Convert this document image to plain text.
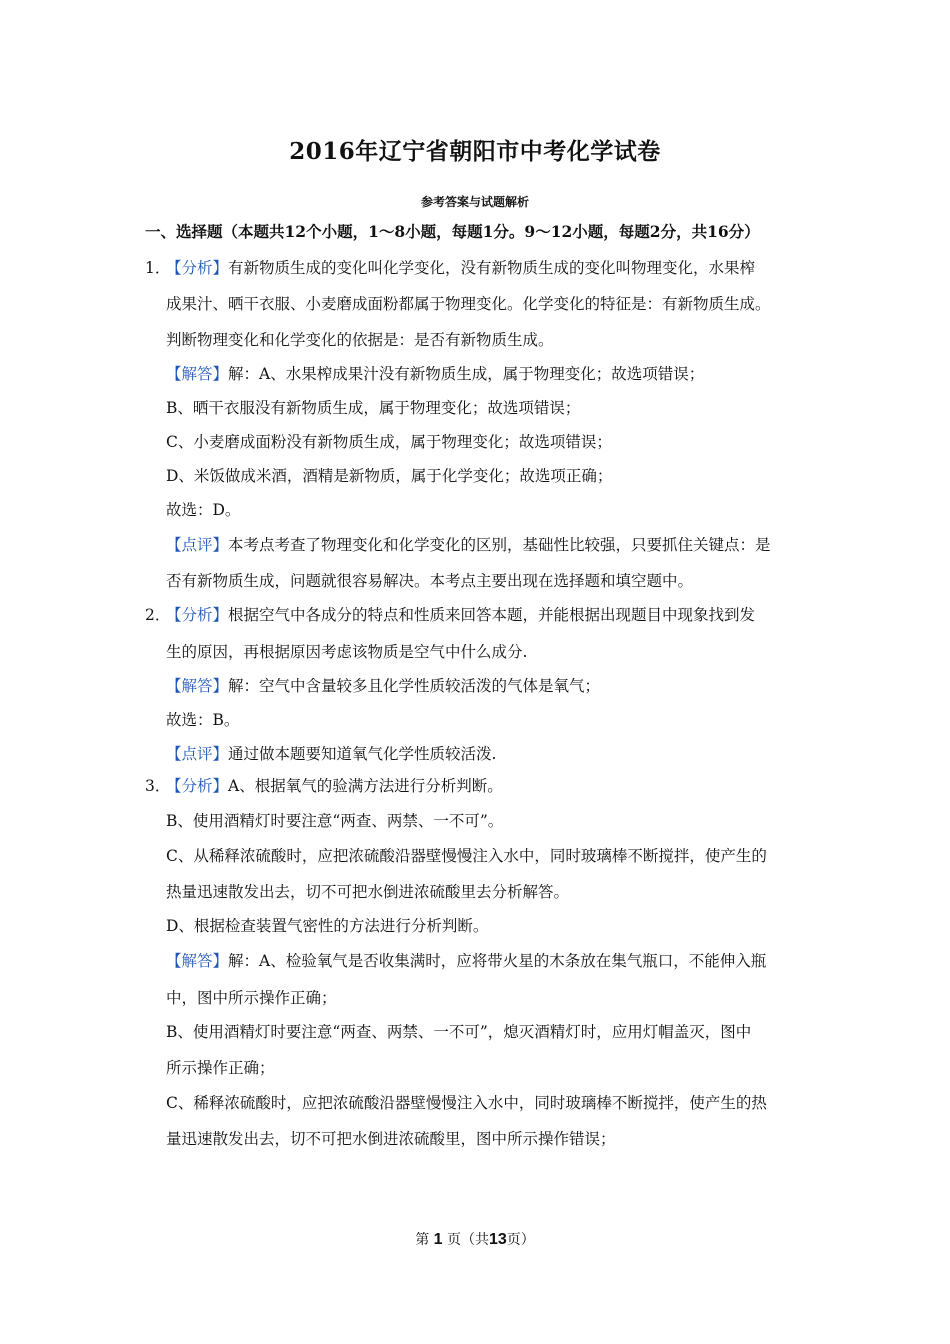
2016年辽宁省朝阳市中考化学试卷
参考答案与试题解析
一、选择题（本题共12个小题，1～8小题，每题1分。9～12小题，每题2分，共16分）
1．
【分析】有新物质生成的变化叫化学变化，没有新物质生成的变化叫物理变化，水果榨
成果汁、晒干衣服、小麦磨成面粉都属于物理变化。化学变化的特征是：有新物质生成。
判断物理变化和化学变化的依据是：是否有新物质生成。
【解答】解：A、水果榨成果汁没有新物质生成，属于物理变化；故选项错误；
B、晒干衣服没有新物质生成，属于物理变化；故选项错误；
C、小麦磨成面粉没有新物质生成，属于物理变化；故选项错误；
D、米饭做成米酒，酒精是新物质，属于化学变化；故选项正确；
故选：D。
【点评】本考点考查了物理变化和化学变化的区别，基础性比较强，只要抓住关键点：是
否有新物质生成，问题就很容易解决。本考点主要出现在选择题和填空题中。
2．
【分析】根据空气中各成分的特点和性质来回答本题，并能根据出现题目中现象找到发
生的原因，再根据原因考虑该物质是空气中什么成分.
【解答】解：空气中含量较多且化学性质较活泼的气体是氧气；
故选：B。
【点评】通过做本题要知道氧气化学性质较活泼.
3．
【分析】A、根据氧气的验满方法进行分析判断。
B、使用酒精灯时要注意“两查、两禁、一不可”。
C、从稀释浓硫酸时，应把浓硫酸沿器壁慢慢注入水中，同时玻璃棒不断搅拌，使产生的
热量迅速散发出去，切不可把水倒进浓硫酸里去分析解答。
D、根据检查装置气密性的方法进行分析判断。
【解答】解：A、检验氧气是否收集满时，应将带火星的木条放在集气瓶口，不能伸入瓶
中，图中所示操作正确；
B、使用酒精灯时要注意“两查、两禁、一不可”，熄灭酒精灯时，应用灯帽盖灭，图中
所示操作正确；
C、稀释浓硫酸时，应把浓硫酸沿器壁慢慢注入水中，同时玻璃棒不断搅拌，使产生的热
量迅速散发出去，切不可把水倒进浓硫酸里，图中所示操作错误；
第 1 页（共13页）
